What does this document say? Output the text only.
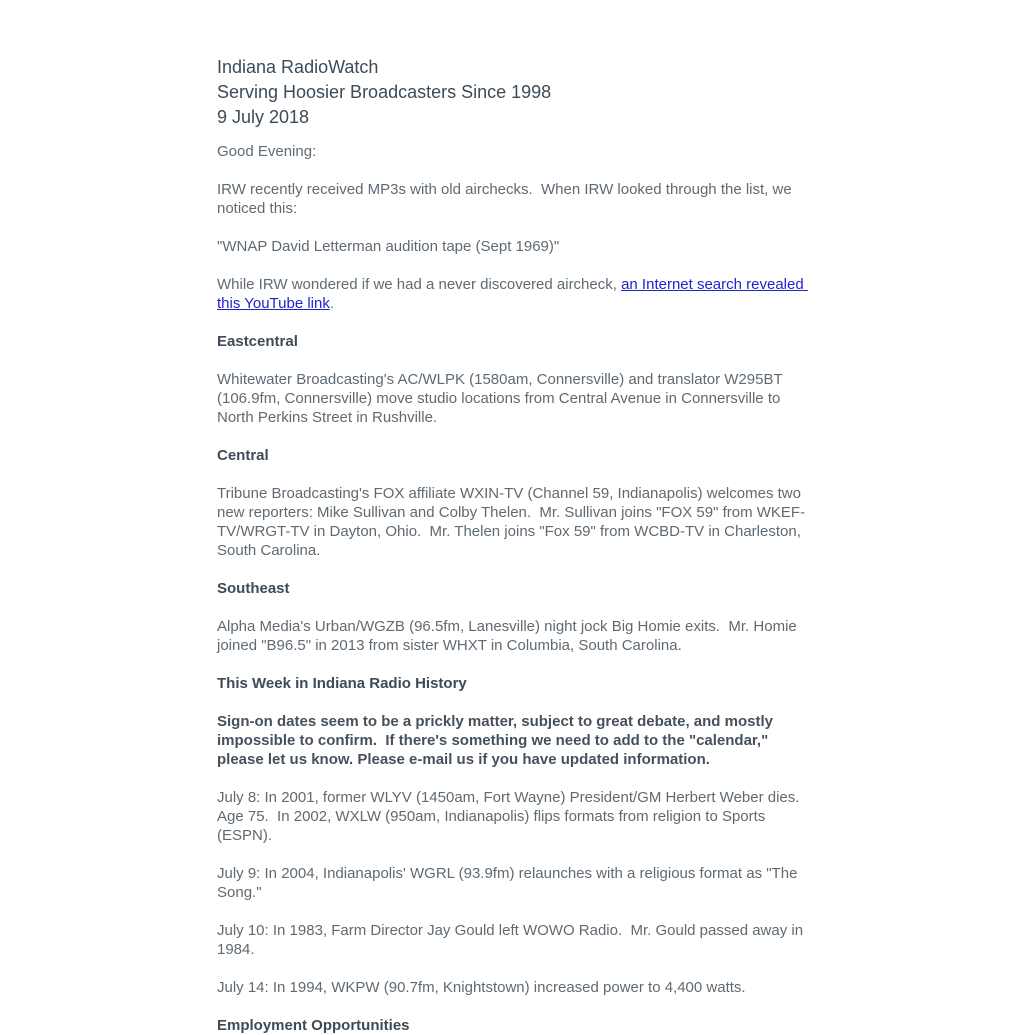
Indiana RadioWatch
Serving Hoosier Broadcasters Since 1998
9 July 2018

Good Evening:

IRW recently received MP3s with old airchecks.  When IRW looked through the list, we noticed this:

"WNAP David Letterman audition tape (Sept 1969)"

While IRW wondered if we had a never discovered aircheck, an Internet search revealed this YouTube link.

Eastcentral

Whitewater Broadcasting's AC/WLPK (1580am, Connersville) and translator W295BT (106.9fm, Connersville) move studio locations from Central Avenue in Connersville to North Perkins Street in Rushville.

Central

Tribune Broadcasting's FOX affiliate WXIN-TV (Channel 59, Indianapolis) welcomes two new reporters: Mike Sullivan and Colby Thelen.  Mr. Sullivan joins "FOX 59" from WKEF-TV/WRGT-TV in Dayton, Ohio.  Mr. Thelen joins "Fox 59" from WCBD-TV in Charleston, South Carolina.

Southeast

Alpha Media's Urban/WGZB (96.5fm, Lanesville) night jock Big Homie exits.  Mr. Homie joined "B96.5" in 2013 from sister WHXT in Columbia, South Carolina.

This Week in Indiana Radio History

Sign-on dates seem to be a prickly matter, subject to great debate, and mostly impossible to confirm.  If there's something we need to add to the "calendar," please let us know. Please e-mail us if you have updated information.

July 8: In 2001, former WLYV (1450am, Fort Wayne) President/GM Herbert Weber dies.  Age 75.  In 2002, WXLW (950am, Indianapolis) flips formats from religion to Sports (ESPN).

July 9: In 2004, Indianapolis' WGRL (93.9fm) relaunches with a religious format as "The Song."

July 10: In 1983, Farm Director Jay Gould left WOWO Radio.  Mr. Gould passed away in 1984.

July 14: In 1994, WKPW (90.7fm, Knightstown) increased power to 4,400 watts.

Employment Opportunities
